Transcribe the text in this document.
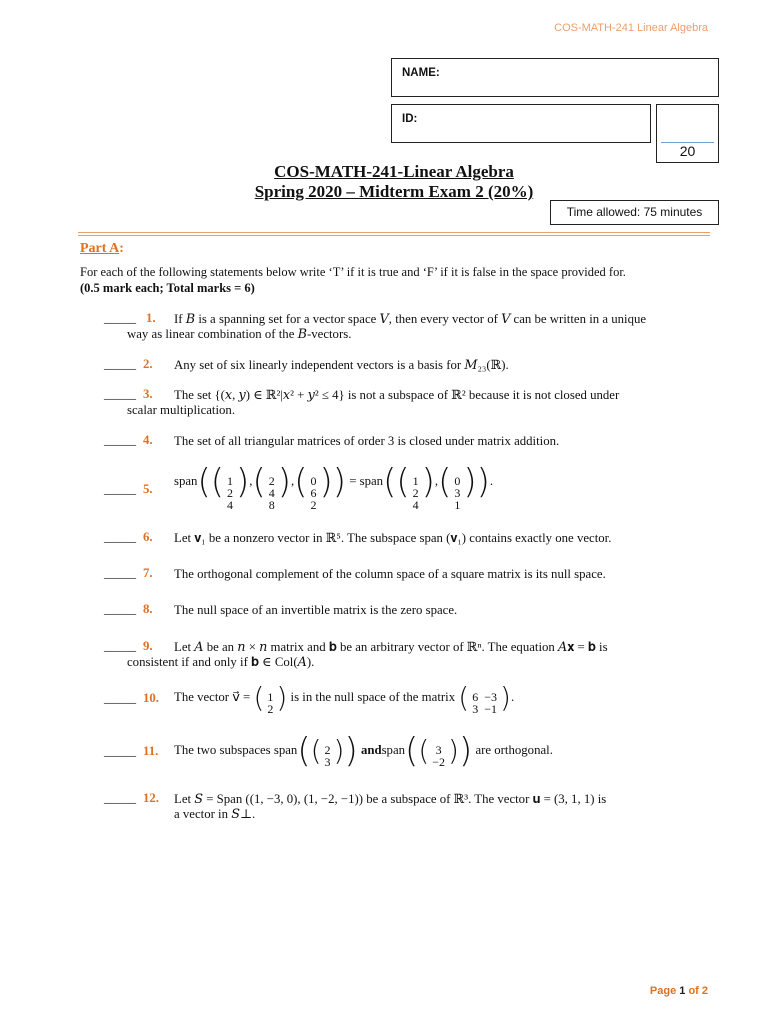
COS-MATH-241 Linear Algebra
NAME:
ID:
20
COS-MATH-241-Linear Algebra
Spring 2020 – Midterm Exam 2 (20%)
Time allowed: 75 minutes
Part A:
For each of the following statements below write ‘T’ if it is true and ‘F’ if it is false in the space provided for.
(0.5 mark each; Total marks = 6)
_____ 1. If 𝐵 is a spanning set for a vector space 𝑉, then every vector of 𝑉 can be written in a unique
way as linear combination of the 𝐵-vectors.
_____ 2. Any set of six linearly independent vectors is a basis for 𝑀₂₃(ℝ).
_____ 3. The set {(𝑥, 𝑦) ∈ ℝ²|𝑥² + 𝑦² ≤ 4} is not a subspace of ℝ² because it is not closed under
scalar multiplication.
_____ 4. The set of all triangular matrices of order 3 is closed under matrix addition.
_____ 5.
span(( 1
2
4
),( 2
4
8
),( 0
6
2
)) = span(( 1
2
4
),( 0
3
1
)).
_____ 6. Let 𝐯₁ be a nonzero vector in ℝ⁵. The subspace span (𝐯₁) contains exactly one vector.
_____ 7. The orthogonal complement of the column space of a square matrix is its null space.
_____ 8. The null space of an invertible matrix is the zero space.
_____ 9. Let 𝐴 be an 𝑛 × 𝑛 matrix and 𝐛 be an arbitrary vector of ℝⁿ. The equation 𝐴𝐱 = 𝐛 is
consistent if and only if 𝐛 ∈ Col(𝐴).
_____ 10. The vector v⃗ = ( 1
2 ) is in the null space of the matrix ( 6
3
−3
−1 ).
_____ 11. The two subspaces span(( 2
3 )) andspan(( 3
−2 )) are orthogonal.
_____ 12. Let 𝑆 = Span ((1, −3, 0), (1, −2, −1)) be a subspace of ℝ³. The vector 𝐮 = (3, 1, 1) is
a vector in 𝑆⊥.
Page 1 of 2
